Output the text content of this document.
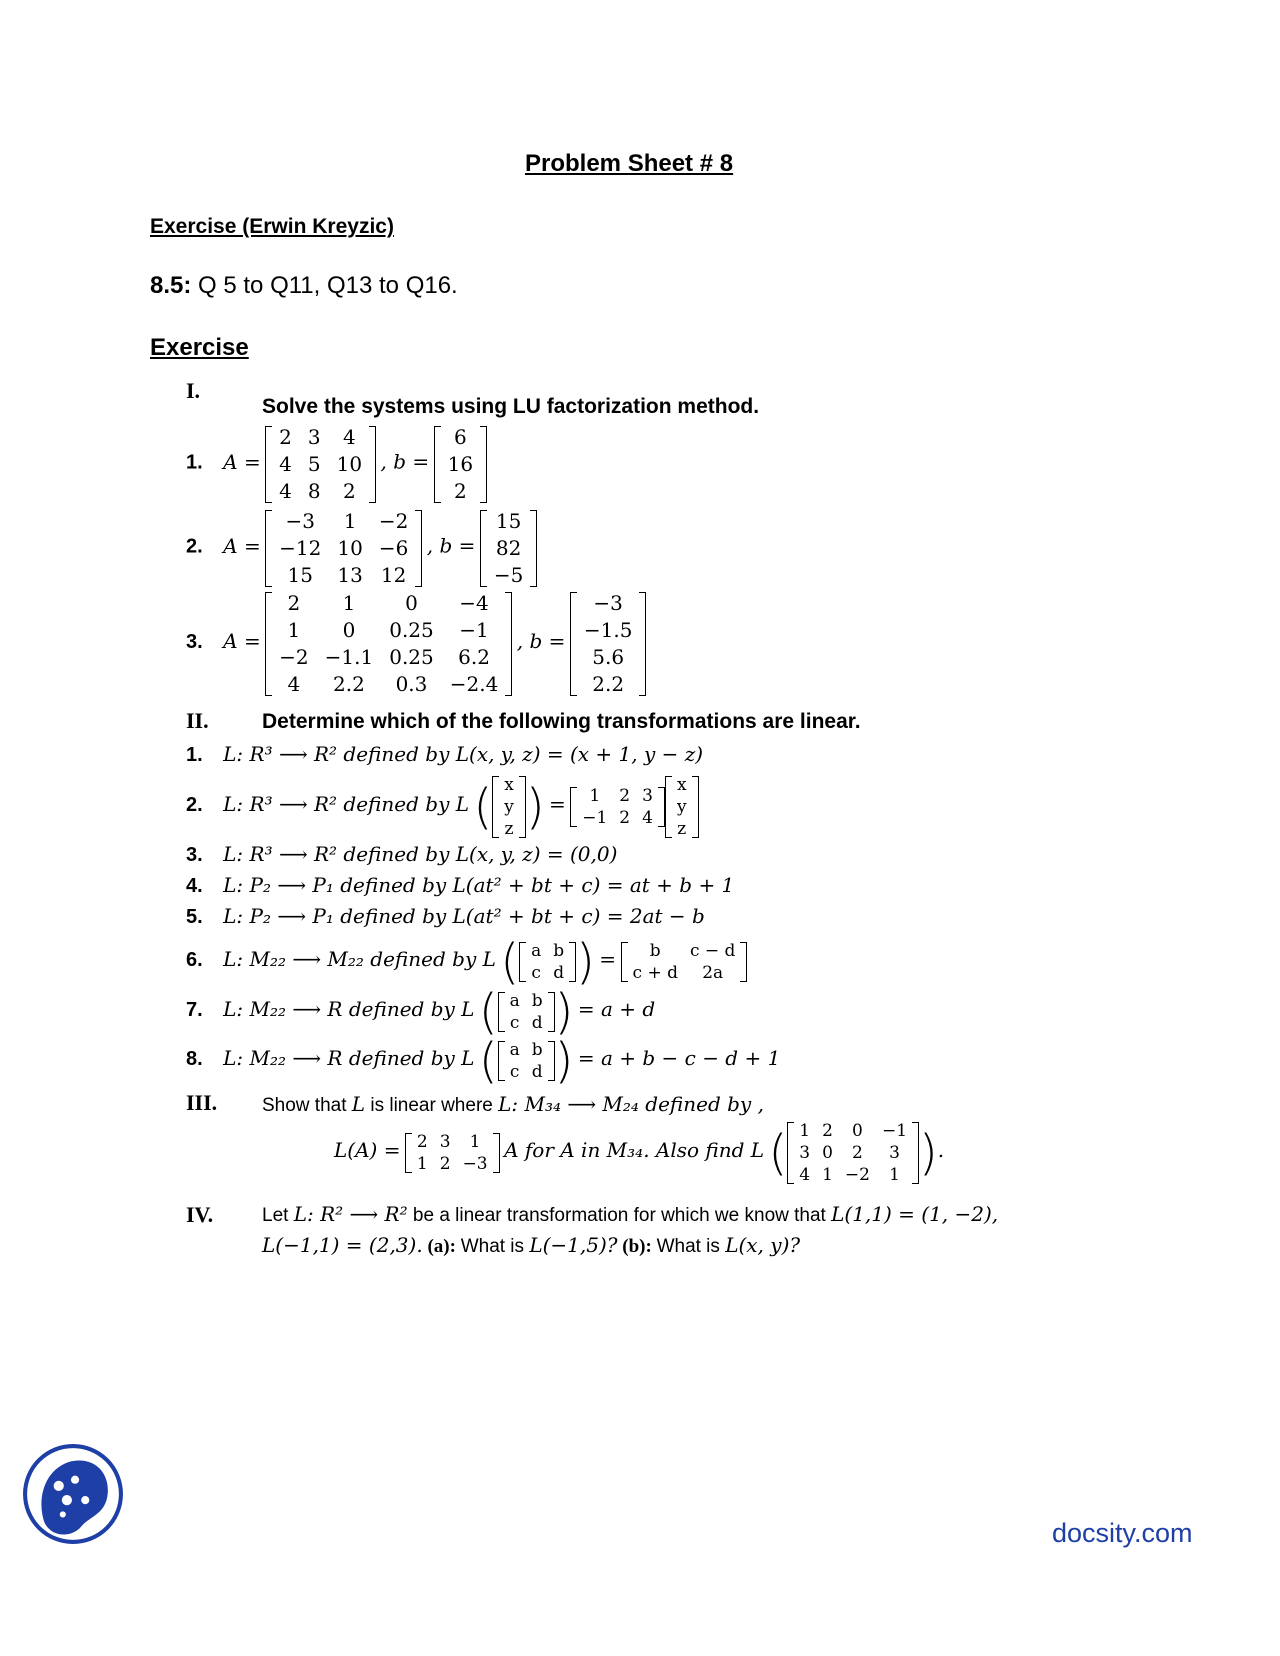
Problem Sheet # 8
Exercise (Erwin Kreyzic)
8.5: Q 5 to Q11, Q13 to Q16.
Exercise
I.
Solve the systems using LU factorization method.
1. A =
2	3	4
4	5	10
4	8	2
, b =
6
16
2
2. A =
−3	1	−2
−12	10	−6
15	13	12
, b =
15
82
−5
3. A =
2	1	0	−4
1	0	0.25	−1
−2	−1.1	0.25	6.2
4	2.2	0.3	−2.4
, b =
−3
−1.5
5.6
2.2
II.	Determine which of the following transformations are linear.
1. L: R³ ⟶ R² defined by L(x, y, z) = (x + 1, y − z)
2. L: R³ ⟶ R² defined by L ( x
y
z ) = 1	2	3
−1	2	4
x
y
z
3. L: R³ ⟶ R² defined by L(x, y, z) = (0,0)
4. L: P₂ ⟶ P₁ defined by L(at² + bt + c) = at + b + 1
5. L: P₂ ⟶ P₁ defined by L(at² + bt + c) = 2at − b
6. L: M₂₂ ⟶ M₂₂ defined by L ( a	b
c	d ) = b	c − d
c + d	2a
7. L: M₂₂ ⟶ R defined by L ( a	b
c	d ) = a + d
8. L: M₂₂ ⟶ R defined by L ( a	b
c	d ) = a + b − c − d + 1
III. Show that L is linear where L: M₃₄ ⟶ M₂₄ defined by ,
L(A) = 2	3	1
1	2	−3
A for A in M₃₄. Also find L ( 1	2	0	−1
3	0	2	3
4	1	−2	1 ).
IV.	Let L: R² ⟶ R² be a linear transformation for which we know that L(1,1) = (1, −2),
L(−1,1) = (2,3). (a): What is L(−1,5)? (b): What is L(x, y)?
docsity.com
